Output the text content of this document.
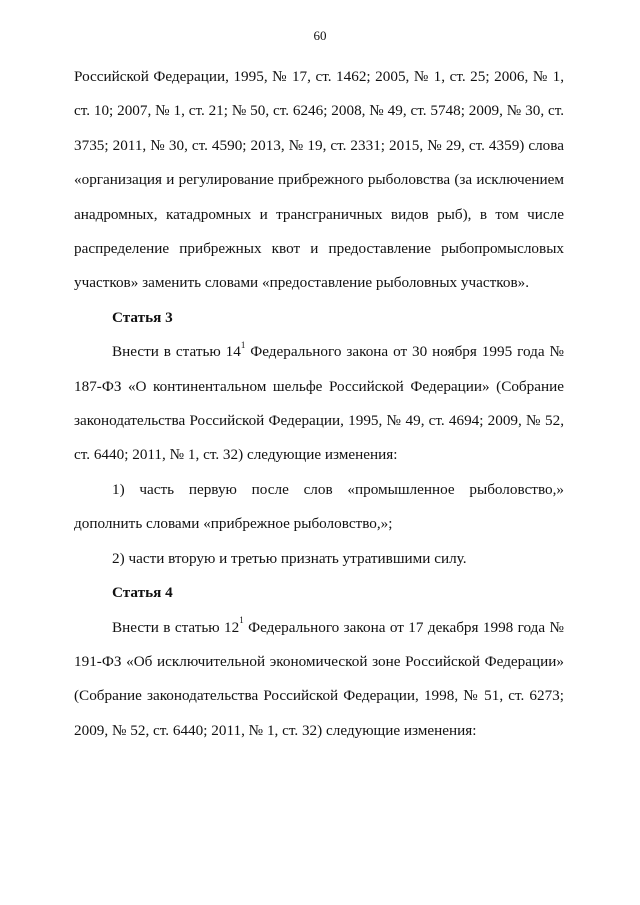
60

Российской Федерации, 1995, № 17, ст. 1462; 2005, № 1, ст. 25; 2006, № 1, ст. 10; 2007, № 1, ст. 21; № 50, ст. 6246; 2008, № 49, ст. 5748; 2009, № 30, ст. 3735; 2011, № 30, ст. 4590; 2013, № 19, ст. 2331; 2015, № 29, ст. 4359) слова «организация и регулирование прибрежного рыболовства (за исключением анадромных, катадромных и трансграничных видов рыб), в том числе распределение прибрежных квот и предоставление рыбопромысловых участков» заменить словами «предоставление рыболовных участков».

Статья 3

Внести в статью $14^1$ Федерального закона от 30 ноября 1995 года № 187-ФЗ «О континентальном шельфе Российской Федерации» (Собрание законодательства Российской Федерации, 1995, № 49, ст. 4694; 2009, № 52, ст. 6440; 2011, № 1, ст. 32) следующие изменения:

1) часть первую после слов «промышленное рыболовство,» дополнить словами «прибрежное рыболовство,»;

2) части вторую и третью признать утратившими силу.

Статья 4

Внести в статью $12^1$ Федерального закона от 17 декабря 1998 года № 191-ФЗ «Об исключительной экономической зоне Российской Федерации» (Собрание законодательства Российской Федерации, 1998, № 51, ст. 6273; 2009, № 52, ст. 6440; 2011, № 1, ст. 32) следующие изменения:
